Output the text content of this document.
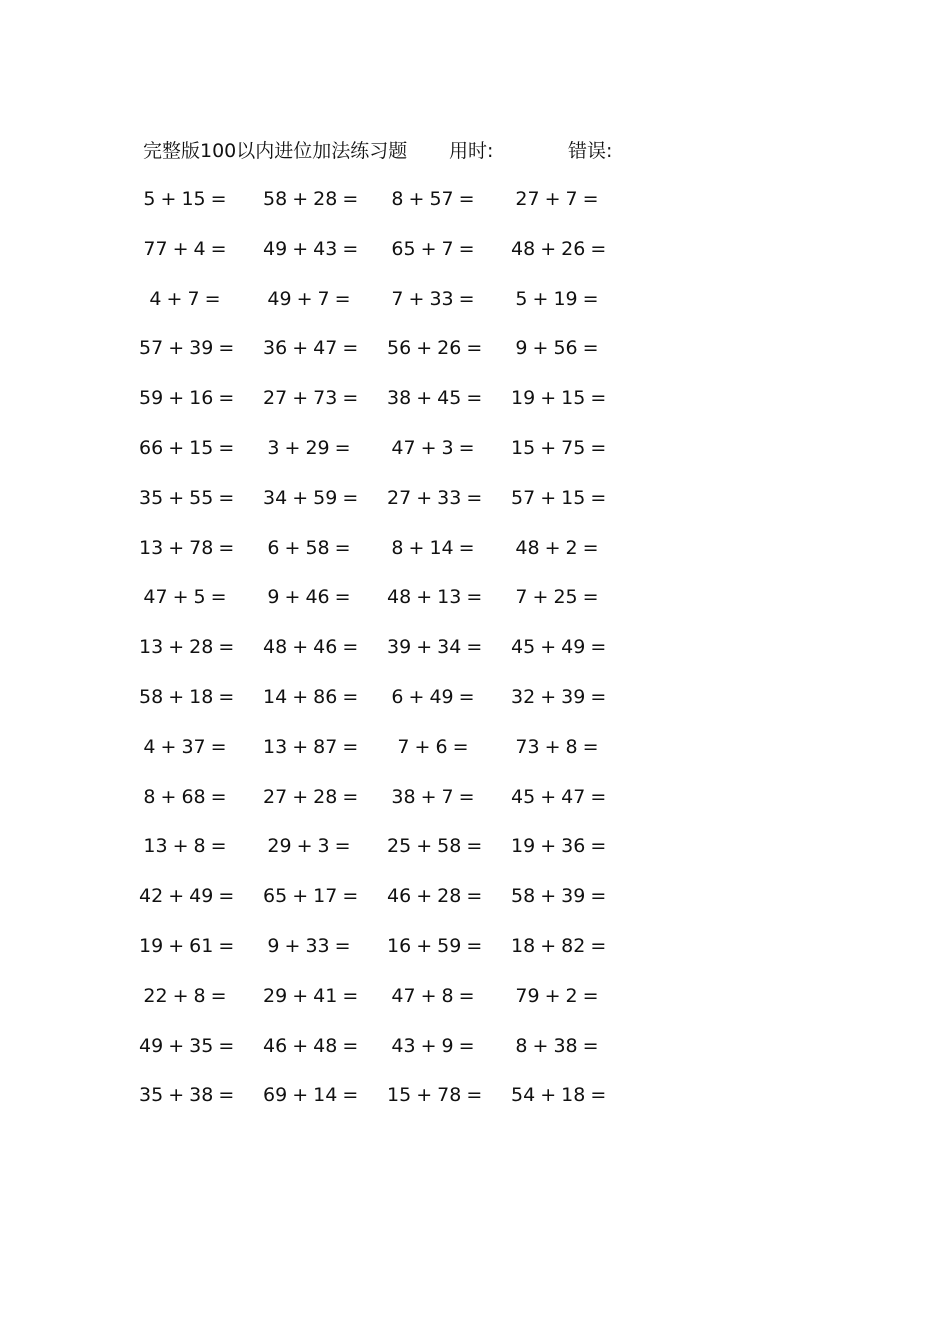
完整版100以内进位加法练习题 用时:	错误:
5 + 15 = 58 + 28 = 8 + 57 = 27 + 7 =
77 + 4 = 49 + 43 = 65 + 7 = 48 + 26 =
4 + 7 =	49 + 7 = 7 + 33 = 5 + 19 =
57 + 39 = 36 + 47 = 56 + 26 = 9 + 56 =
59 + 16 = 27 + 73 = 38 + 45 = 19 + 15 =
66 + 15 = 3 + 29 = 47 + 3 = 15 + 75 =
35 + 55 = 34 + 59 = 27 + 33 = 57 + 15 =
13 + 78 = 6 + 58 = 8 + 14 = 48 + 2 =
47 + 5 = 9 + 46 = 48 + 13 = 7 + 25 =
13 + 28 = 48 + 46 = 39 + 34 = 45 + 49 =
58 + 18 = 14 + 86 = 6 + 49 = 32 + 39 =
4 + 37 = 13 + 87 =	7 + 6 =	73 + 8 =
8 + 68 = 27 + 28 = 38 + 7 = 45 + 47 =
13 + 8 = 29 + 3 = 25 + 58 = 19 + 36 =
42 + 49 = 65 + 17 = 46 + 28 = 58 + 39 =
19 + 61 = 9 + 33 = 16 + 59 = 18 + 82 =
22 + 8 = 29 + 41 = 47 + 8 = 79 + 2 =
49 + 35 = 46 + 48 = 43 + 9 = 8 + 38 =
35 + 38 = 69 + 14 = 15 + 78 = 54 + 18 =
